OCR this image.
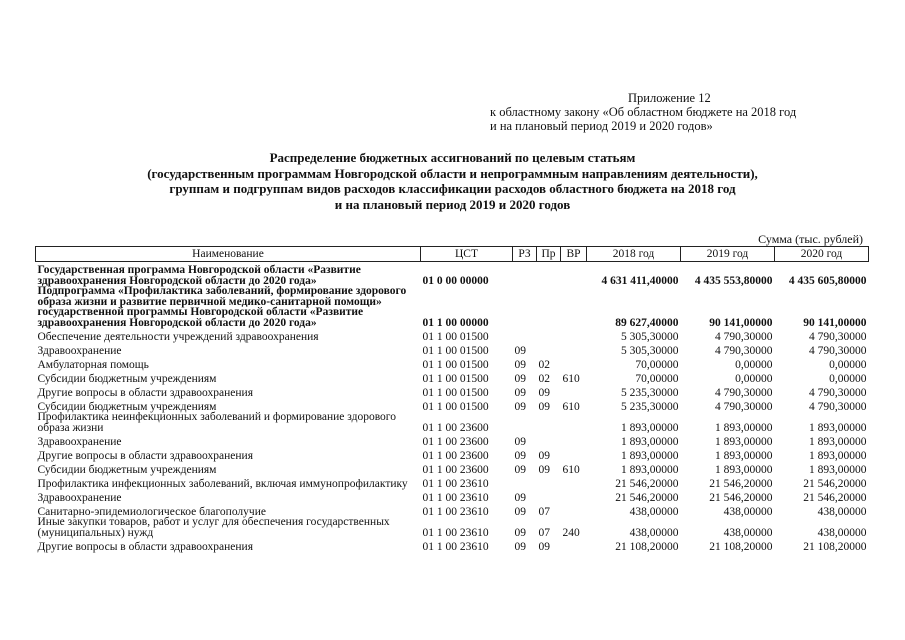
Приложение 12
к областному закону «Об областном бюджете на 2018 год
и на плановый период 2019 и 2020 годов»
Распределение бюджетных ассигнований по целевым статьям
(государственным программам Новгородской области и непрограммным направлениям деятельности),
группам и подгруппам видов расходов классификации расходов областного бюджета на 2018 год
и на плановый период 2019 и 2020 годов
Сумма (тыс. рублей)
Наименование	ЦСТ	РЗ	Пр	ВР	2018 год	2019 год	2020 год
Государственная программа Новгородской области «Развитие здравоохранения Новгородской области до 2020 года»	01 0 00 00000				4 631 411,40000	4 435 553,80000	4 435 605,80000
Подпрограмма «Профилактика заболеваний, формирование здорового образа жизни и развитие первичной медико-санитарной помощи» государственной программы Новгородской области «Развитие здравоохранения Новгородской области до 2020 года»	01 1 00 00000				89 627,40000	90 141,00000	90 141,00000
Обеспечение деятельности учреждений здравоохранения	01 1 00 01500				5 305,30000	4 790,30000	4 790,30000
Здравоохранение	01 1 00 01500	09			5 305,30000	4 790,30000	4 790,30000
Амбулаторная помощь	01 1 00 01500	09	02		70,00000	0,00000	0,00000
Субсидии бюджетным учреждениям	01 1 00 01500	09	02	610	70,00000	0,00000	0,00000
Другие вопросы в области здравоохранения	01 1 00 01500	09	09		5 235,30000	4 790,30000	4 790,30000
Субсидии бюджетным учреждениям	01 1 00 01500	09	09	610	5 235,30000	4 790,30000	4 790,30000
Профилактика неинфекционных заболеваний и формирование здорового образа жизни	01 1 00 23600				1 893,00000	1 893,00000	1 893,00000
Здравоохранение	01 1 00 23600	09			1 893,00000	1 893,00000	1 893,00000
Другие вопросы в области здравоохранения	01 1 00 23600	09	09		1 893,00000	1 893,00000	1 893,00000
Субсидии бюджетным учреждениям	01 1 00 23600	09	09	610	1 893,00000	1 893,00000	1 893,00000
Профилактика инфекционных заболеваний, включая иммунопрофилактику	01 1 00 23610				21 546,20000	21 546,20000	21 546,20000
Здравоохранение	01 1 00 23610	09			21 546,20000	21 546,20000	21 546,20000
Санитарно-эпидемиологическое благополучие	01 1 00 23610	09	07		438,00000	438,00000	438,00000
Иные закупки товаров, работ и услуг для обеспечения государственных (муниципальных) нужд	01 1 00 23610	09	07	240	438,00000	438,00000	438,00000
Другие вопросы в области здравоохранения	01 1 00 23610	09	09		21 108,20000	21 108,20000	21 108,20000
